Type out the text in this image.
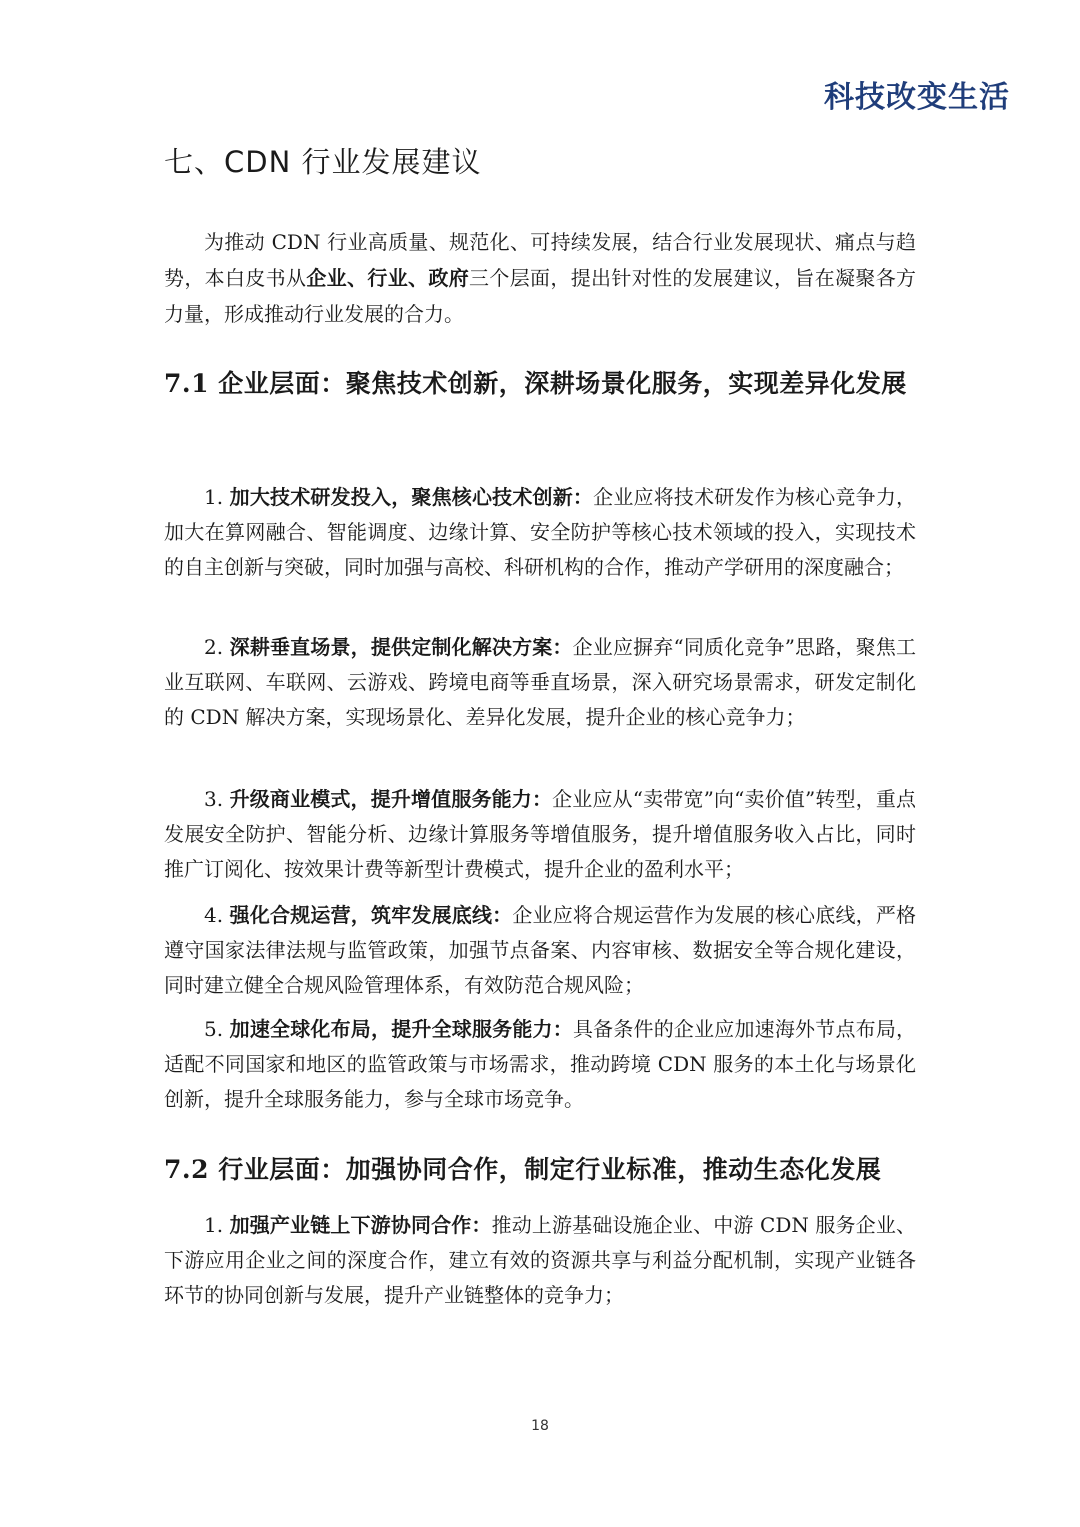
科技改变生活
七、CDN 行业发展建议

为推动 CDN 行业高质量、规范化、可持续发展，结合行业发展现状、痛点与趋势，本白皮书从企业、行业、政府三个层面，提出针对性的发展建议，旨在凝聚各方力量，形成推动行业发展的合力。

7.1 企业层面：聚焦技术创新，深耕场景化服务，实现差异化发展

1. 加大技术研发投入，聚焦核心技术创新：企业应将技术研发作为核心竞争力，加大在算网融合、智能调度、边缘计算、安全防护等核心技术领域的投入，实现技术的自主创新与突破，同时加强与高校、科研机构的合作，推动产学研用的深度融合；

2. 深耕垂直场景，提供定制化解决方案：企业应摒弃“同质化竞争”思路，聚焦工业互联网、车联网、云游戏、跨境电商等垂直场景，深入研究场景需求，研发定制化的 CDN 解决方案，实现场景化、差异化发展，提升企业的核心竞争力；

3. 升级商业模式，提升增值服务能力：企业应从“卖带宽”向“卖价值”转型，重点发展安全防护、智能分析、边缘计算服务等增值服务，提升增值服务收入占比，同时推广订阅化、按效果计费等新型计费模式，提升企业的盈利水平；

4. 强化合规运营，筑牢发展底线：企业应将合规运营作为发展的核心底线，严格遵守国家法律法规与监管政策，加强节点备案、内容审核、数据安全等合规化建设，同时建立健全合规风险管理体系，有效防范合规风险；

5. 加速全球化布局，提升全球服务能力：具备条件的企业应加速海外节点布局，适配不同国家和地区的监管政策与市场需求，推动跨境 CDN 服务的本土化与场景化创新，提升全球服务能力，参与全球市场竞争。

7.2 行业层面：加强协同合作，制定行业标准，推动生态化发展

1. 加强产业链上下游协同合作：推动上游基础设施企业、中游 CDN 服务企业、下游应用企业之间的深度合作，建立有效的资源共享与利益分配机制，实现产业链各环节的协同创新与发展，提升产业链整体的竞争力；

18
